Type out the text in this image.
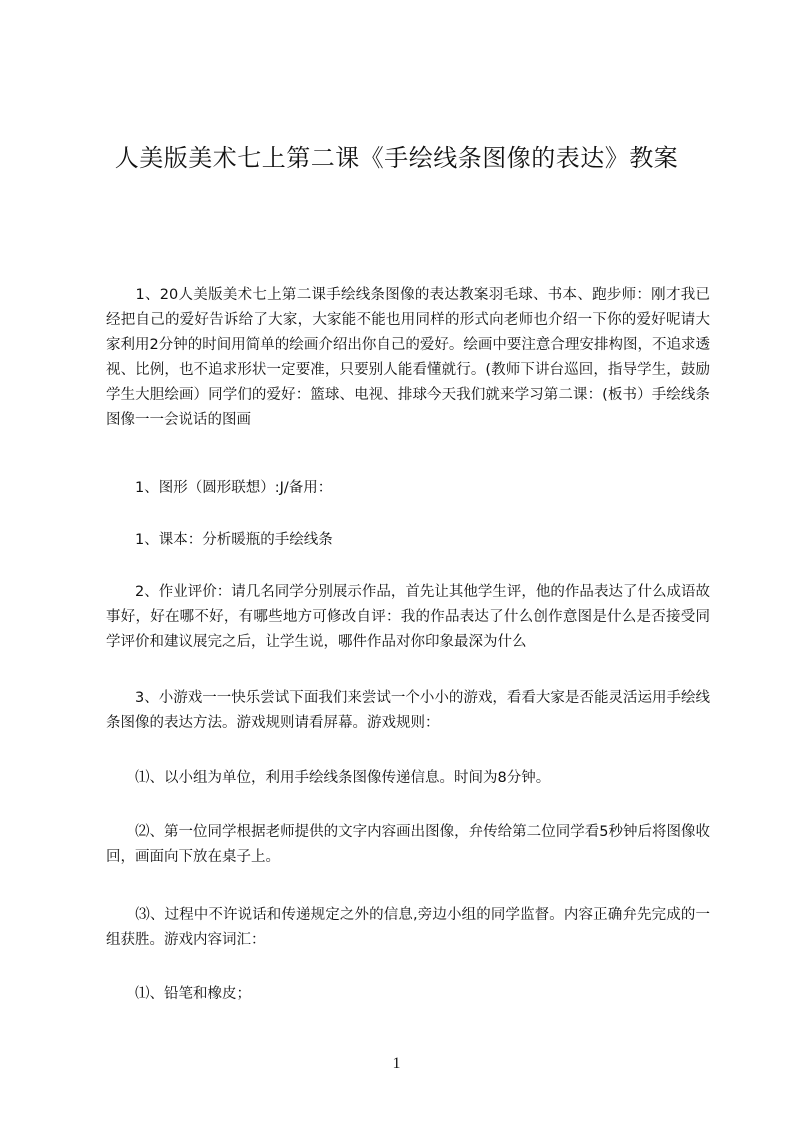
人美版美术七上第二课《手绘线条图像的表达》教案

　　1、20人美版美术七上第二课手绘线条图像的表达教案羽毛球、书本、跑步师：刚才我已经把自己的爱好告诉给了大家，大家能不能也用同样的形式向老师也介绍一下你的爱好呢请大家利用2分钟的时间用简单的绘画介绍出你自己的爱好。绘画中要注意合理安排构图，不追求透视、比例，也不追求形状一定要准，只要别人能看懂就行。(教师下讲台巡回，指导学生，鼓励学生大胆绘画）同学们的爱好：篮球、电视、排球今天我们就来学习第二课：(板书）手绘线条图像一一会说话的图画

　　1、图形（圆形联想）:J/备用：

　　1、课本：分析暖瓶的手绘线条

　　2、作业评价：请几名同学分别展示作品，首先让其他学生评，他的作品表达了什么成语故事好，好在哪不好，有哪些地方可修改自评：我的作品表达了什么创作意图是什么是否接受同学评价和建议展完之后，让学生说，哪件作品对你印象最深为什么

　　3、小游戏一一快乐尝试下面我们来尝试一个小小的游戏，看看大家是否能灵活运用手绘线条图像的表达方法。游戏规则请看屏幕。游戏规则：

　　⑴、以小组为单位，利用手绘线条图像传递信息。时间为8分钟。

　　⑵、第一位同学根据老师提供的文字内容画出图像，弁传给第二位同学看5秒钟后将图像收回，画面向下放在桌子上。

　　⑶、过程中不许说话和传递规定之外的信息,旁边小组的同学监督。内容正确弁先完成的一组获胜。游戏内容词汇：

　　⑴、铅笔和橡皮；

1
